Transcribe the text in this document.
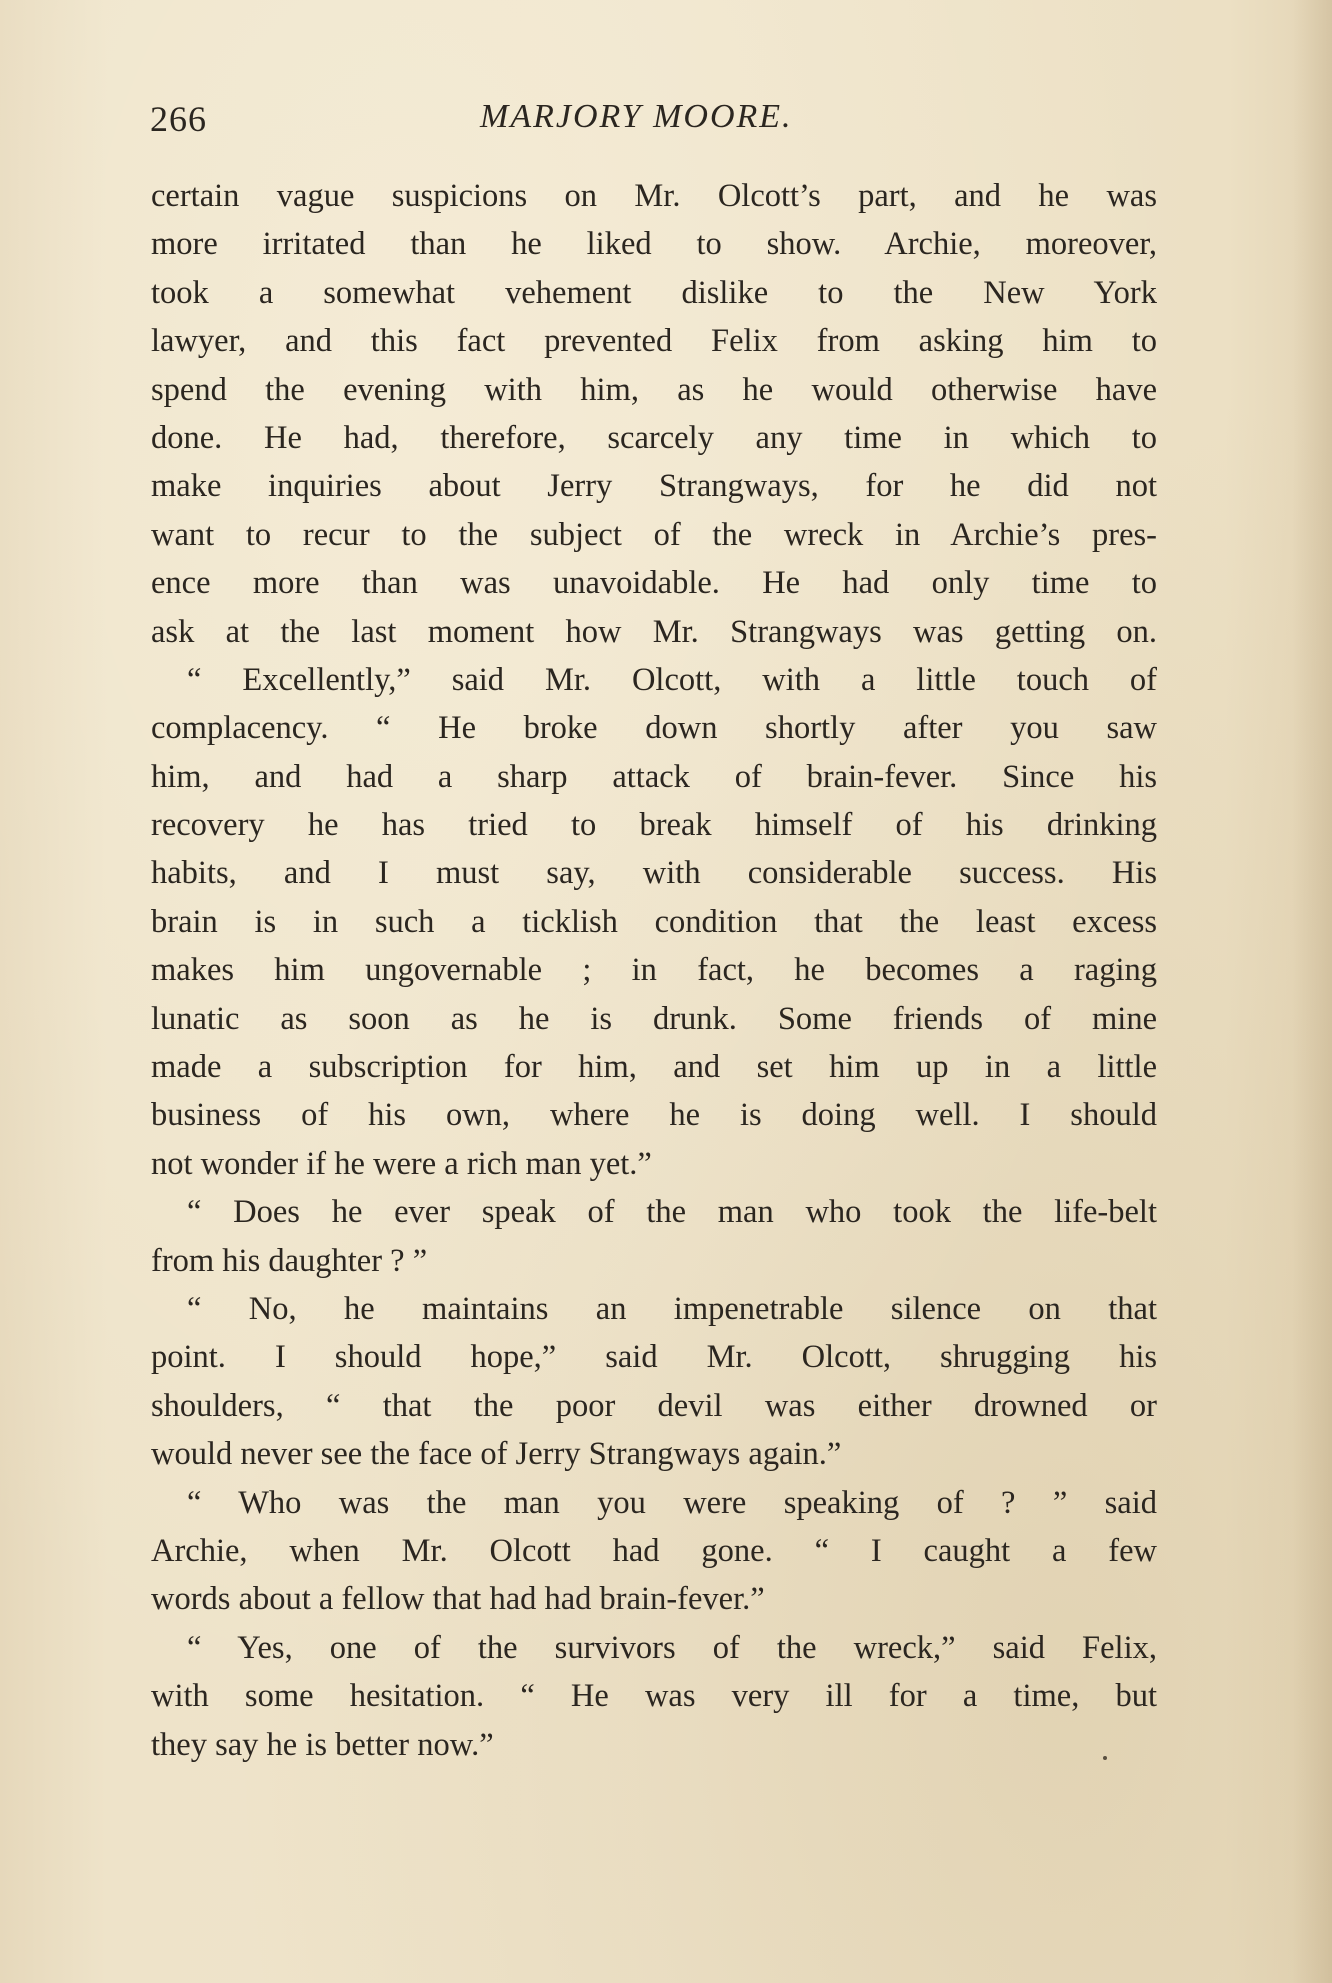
266	MARJORY MOORE.
certain vague suspicions on Mr. Olcott’s part, and he was
more irritated than he liked to show. Archie, moreover,
took a somewhat vehement dislike to the New York
lawyer, and this fact prevented Felix from asking him to
spend the evening with him, as he would otherwise have
done. He had, therefore, scarcely any time in which to
make inquiries about Jerry Strangways, for he did not
want to recur to the subject of the wreck in Archie’s pres-
ence more than was unavoidable. He had only time to
ask at the last moment how Mr. Strangways was getting on.
“ Excellently,” said Mr. Olcott, with a little touch of
complacency. “ He broke down shortly after you saw
him, and had a sharp attack of brain-fever. Since his
recovery he has tried to break himself of his drinking
habits, and I must say, with considerable success. His
brain is in such a ticklish condition that the least excess
makes him ungovernable ; in fact, he becomes a raging
lunatic as soon as he is drunk. Some friends of mine
made a subscription for him, and set him up in a little
business of his own, where he is doing well. I should
not wonder if he were a rich man yet.”
“ Does he ever speak of the man who took the life-belt
from his daughter ? ”
“ No, he maintains an impenetrable silence on that
point. I should hope,” said Mr. Olcott, shrugging his
shoulders, “ that the poor devil was either drowned or
would never see the face of Jerry Strangways again.”
“ Who was the man you were speaking of ? ” said
Archie, when Mr. Olcott had gone. “ I caught a few
words about a fellow that had had brain-fever.”
“ Yes, one of the survivors of the wreck,” said Felix,
with some hesitation. “ He was very ill for a time, but
they say he is better now.”
